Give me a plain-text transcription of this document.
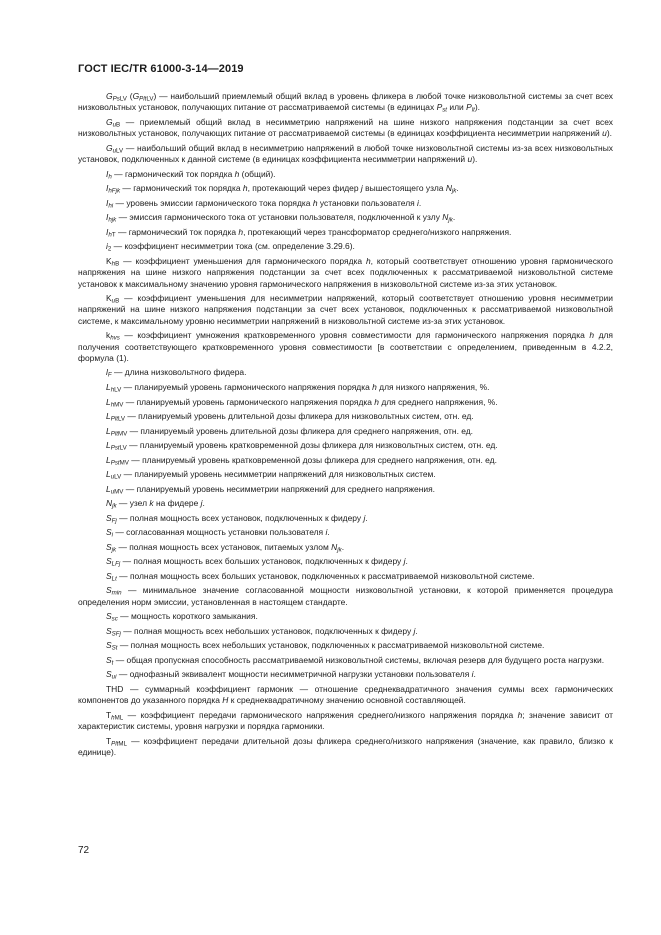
ГОСТ IEC/TR 61000-3-14—2019

$G_{PsLV}$ $(G_{PltLV})$ — наибольший приемлемый общий вклад в уровень фликера в любой точке низковольтной системы за счет всех низковольтных установок, получающих питание от рассматриваемой системы (в единицах $P_{st}$ или $P_{lt}$).

$G_{uB}$ — приемлемый общий вклад в несимметрию напряжений на шине низкого напряжения подстанции за счет всех низковольтных установок, получающих питание от рассматриваемой системы (в единицах коэффициента несимметрии напряжений u).

$G_{uLV}$ — наибольший общий вклад в несимметрию напряжений в любой точке низковольтной системы из-за всех низковольтных установок, подключенных к данной системе (в единицах коэффициента несимметрии напряжений u).

$I_h$ — гармонический ток порядка h (общий).

$I_{hFjk}$ — гармонический ток порядка h, протекающий через фидер j вышестоящего узла $N_{jk}$.

$I_{hi}$ — уровень эмиссии гармонического тока порядка h установки пользователя i.

$I_{hjk}$ — эмиссия гармонического тока от установки пользователя, подключенной к узлу $N_{jk}$.

$I_{hT}$ — гармонический ток порядка h, протекающий через трансформатор среднего/низкого напряжения.

$i_2$ — коэффициент несимметрии тока (см. определение 3.29.6).

$K_{hB}$ — коэффициент уменьшения для гармонического порядка h, который соответствует отношению уровня гармонического напряжения на шине низкого напряжения подстанции за счет всех подключенных к рассматриваемой низковольтной системе установок к максимальному значению уровня гармонического напряжения в низковольтной системе из-за этих установок.

$K_{uB}$ — коэффициент уменьшения для несимметрии напряжений, который соответствует отношению уровня несимметрии напряжений на шине низкого напряжения подстанции за счет всех установок, подключенных к рассматриваемой низковольтной системе, к максимальному уровню несимметрии напряжений в низковольтной системе из-за этих установок.

$k_{hvs}$ — коэффициент умножения кратковременного уровня совместимости для гармонического напряжения порядка h для получения соответствующего кратковременного уровня совместимости [в соответствии с определением, приведенным в 4.2.2, формула (1).

$l_F$ — длина низковольтного фидера.

$L_{hLV}$ — планируемый уровень гармонического напряжения порядка h для низкого напряжения, %.

$L_{hMV}$ — планируемый уровень гармонического напряжения порядка h для среднего напряжения, %.

$L_{PltLV}$ — планируемый уровень длительной дозы фликера для низковольтных систем, отн. ед.

$L_{PltMV}$ — планируемый уровень длительной дозы фликера для среднего напряжения, отн. ед.

$L_{PstLV}$ — планируемый уровень кратковременной дозы фликера для низковольтных систем, отн. ед.

$L_{PstMV}$ — планируемый уровень кратковременной дозы фликера для среднего напряжения, отн. ед.

$L_{uLV}$ — планируемый уровень несимметрии напряжений для низковольтных систем.

$L_{uMV}$ — планируемый уровень несимметрии напряжений для среднего напряжения.

$N_{jk}$ — узел k на фидере j.

$S_{Fj}$ — полная мощность всех установок, подключенных к фидеру j.

$S_i$ — согласованная мощность установки пользователя i.

$S_{jk}$ — полная мощность всех установок, питаемых узлом $N_{jk}$.

$S_{LFj}$ — полная мощность всех больших установок, подключенных к фидеру j.

$S_{Lt}$ — полная мощность всех больших установок, подключенных к рассматриваемой низковольтной системе.

$S_{min}$ — минимальное значение согласованной мощности низковольтной установки, к которой применяется процедура определения норм эмиссии, установленная в настоящем стандарте.

$S_{sc}$ — мощность короткого замыкания.

$S_{SFj}$ — полная мощность всех небольших установок, подключенных к фидеру j.

$S_{St}$ — полная мощность всех небольших установок, подключенных к рассматриваемой низковольтной системе.

$S_t$ — общая пропускная способность рассматриваемой низковольтной системы, включая резерв для будущего роста нагрузки.

$S_{ui}$ — однофазный эквивалент мощности несимметричной нагрузки установки пользователя i.

THD — суммарный коэффициент гармоник — отношение среднеквадратичного значения суммы всех гармонических компонентов до указанного порядка H к среднеквадратичному значению основной составляющей.

$T_{hML}$ — коэффициент передачи гармонического напряжения среднего/низкого напряжения порядка h; значение зависит от характеристик системы, уровня нагрузки и порядка гармоники.

$T_{PltML}$ — коэффициент передачи длительной дозы фликера среднего/низкого напряжения (значение, как правило, близко к единице).

72
